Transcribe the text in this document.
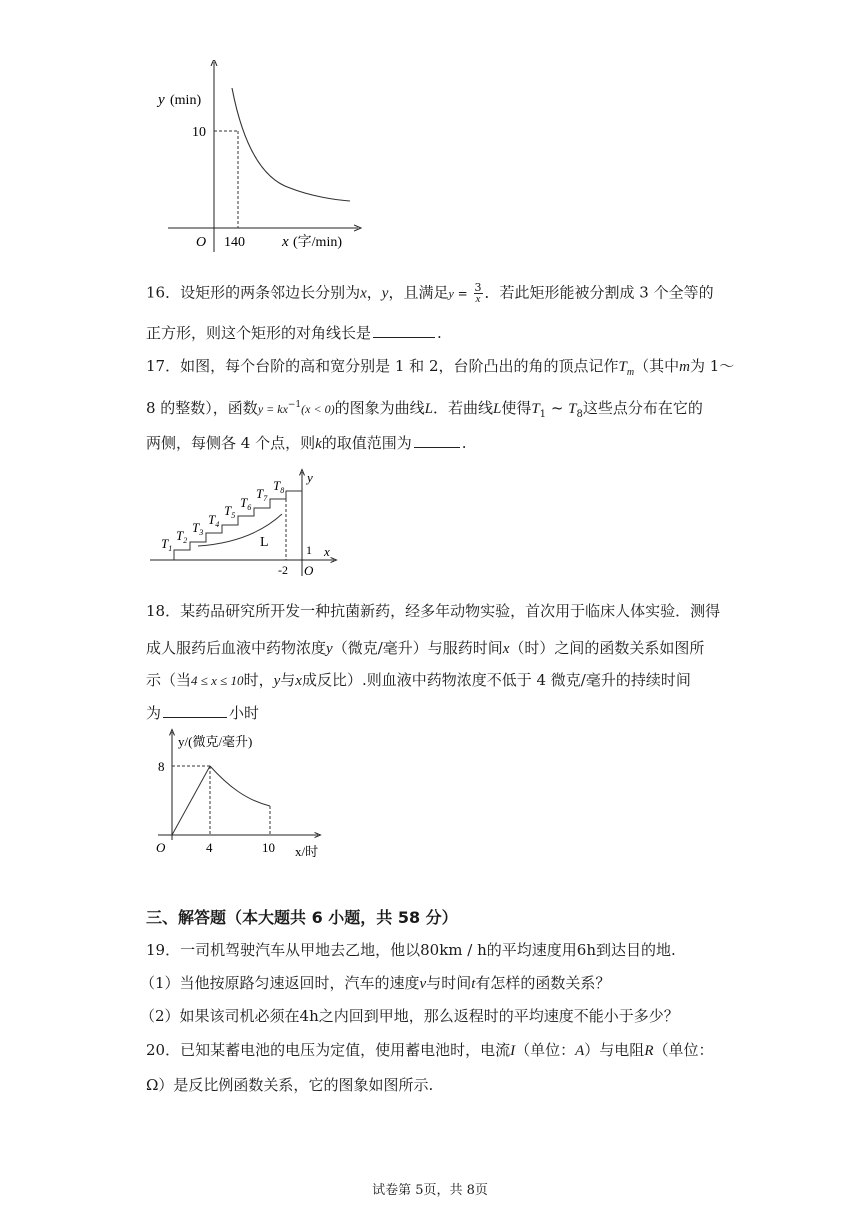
y (min)
10
O 140 x (字/min)
16．设矩形的两条邻边长分别为x，y，且满足$y = \frac{3}{x}$ ．若此矩形能被分割成 3 个全等的
正方形，则这个矩形的对角线长是	.
17．如图，每个台阶的高和宽分别是 1 和 2，台阶凸出的角的顶点记作$T_m$（其中m为 1～
8 的整数），函数$y = kx^{-1}(x < 0)$的图象为曲线L．若曲线L使得$T_1$ ~ $T_8$这些点分布在它的
两侧，每侧各 4 个点，则k的取值范围为	.
$T_1$
$T_2$
$T_3$
$T_4$
$T_5$
$T_6$
$T_7$
$T_8$
L
y
x
1
-2 O
18．某药品研究所开发一种抗菌新药，经多年动物实验，首次用于临床人体实验．测得
成人服药后血液中药物浓度y（微克/毫升）与服药时间x（时）之间的函数关系如图所
示（当4 ≤ x ≤ 10时，y与x成反比）.则血液中药物浓度不低于 4 微克/毫升的持续时间
为	小时
y/(微克/毫升)
8
O	4	10 x/时
三、解答题（本大题共 6 小题，共 58 分）
19．一司机驾驶汽车从甲地去乙地，他以80km / h的平均速度用6h到达目的地.
（1）当他按原路匀速返回时，汽车的速度v与时间t有怎样的函数关系？
（2）如果该司机必须在4h之内回到甲地，那么返程时的平均速度不能小于多少？
20．已知某蓄电池的电压为定值，使用蓄电池时，电流I（单位：A）与电阻R（单位：
Ω）是反比例函数关系，它的图象如图所示.
试卷第 5页，共 8页
